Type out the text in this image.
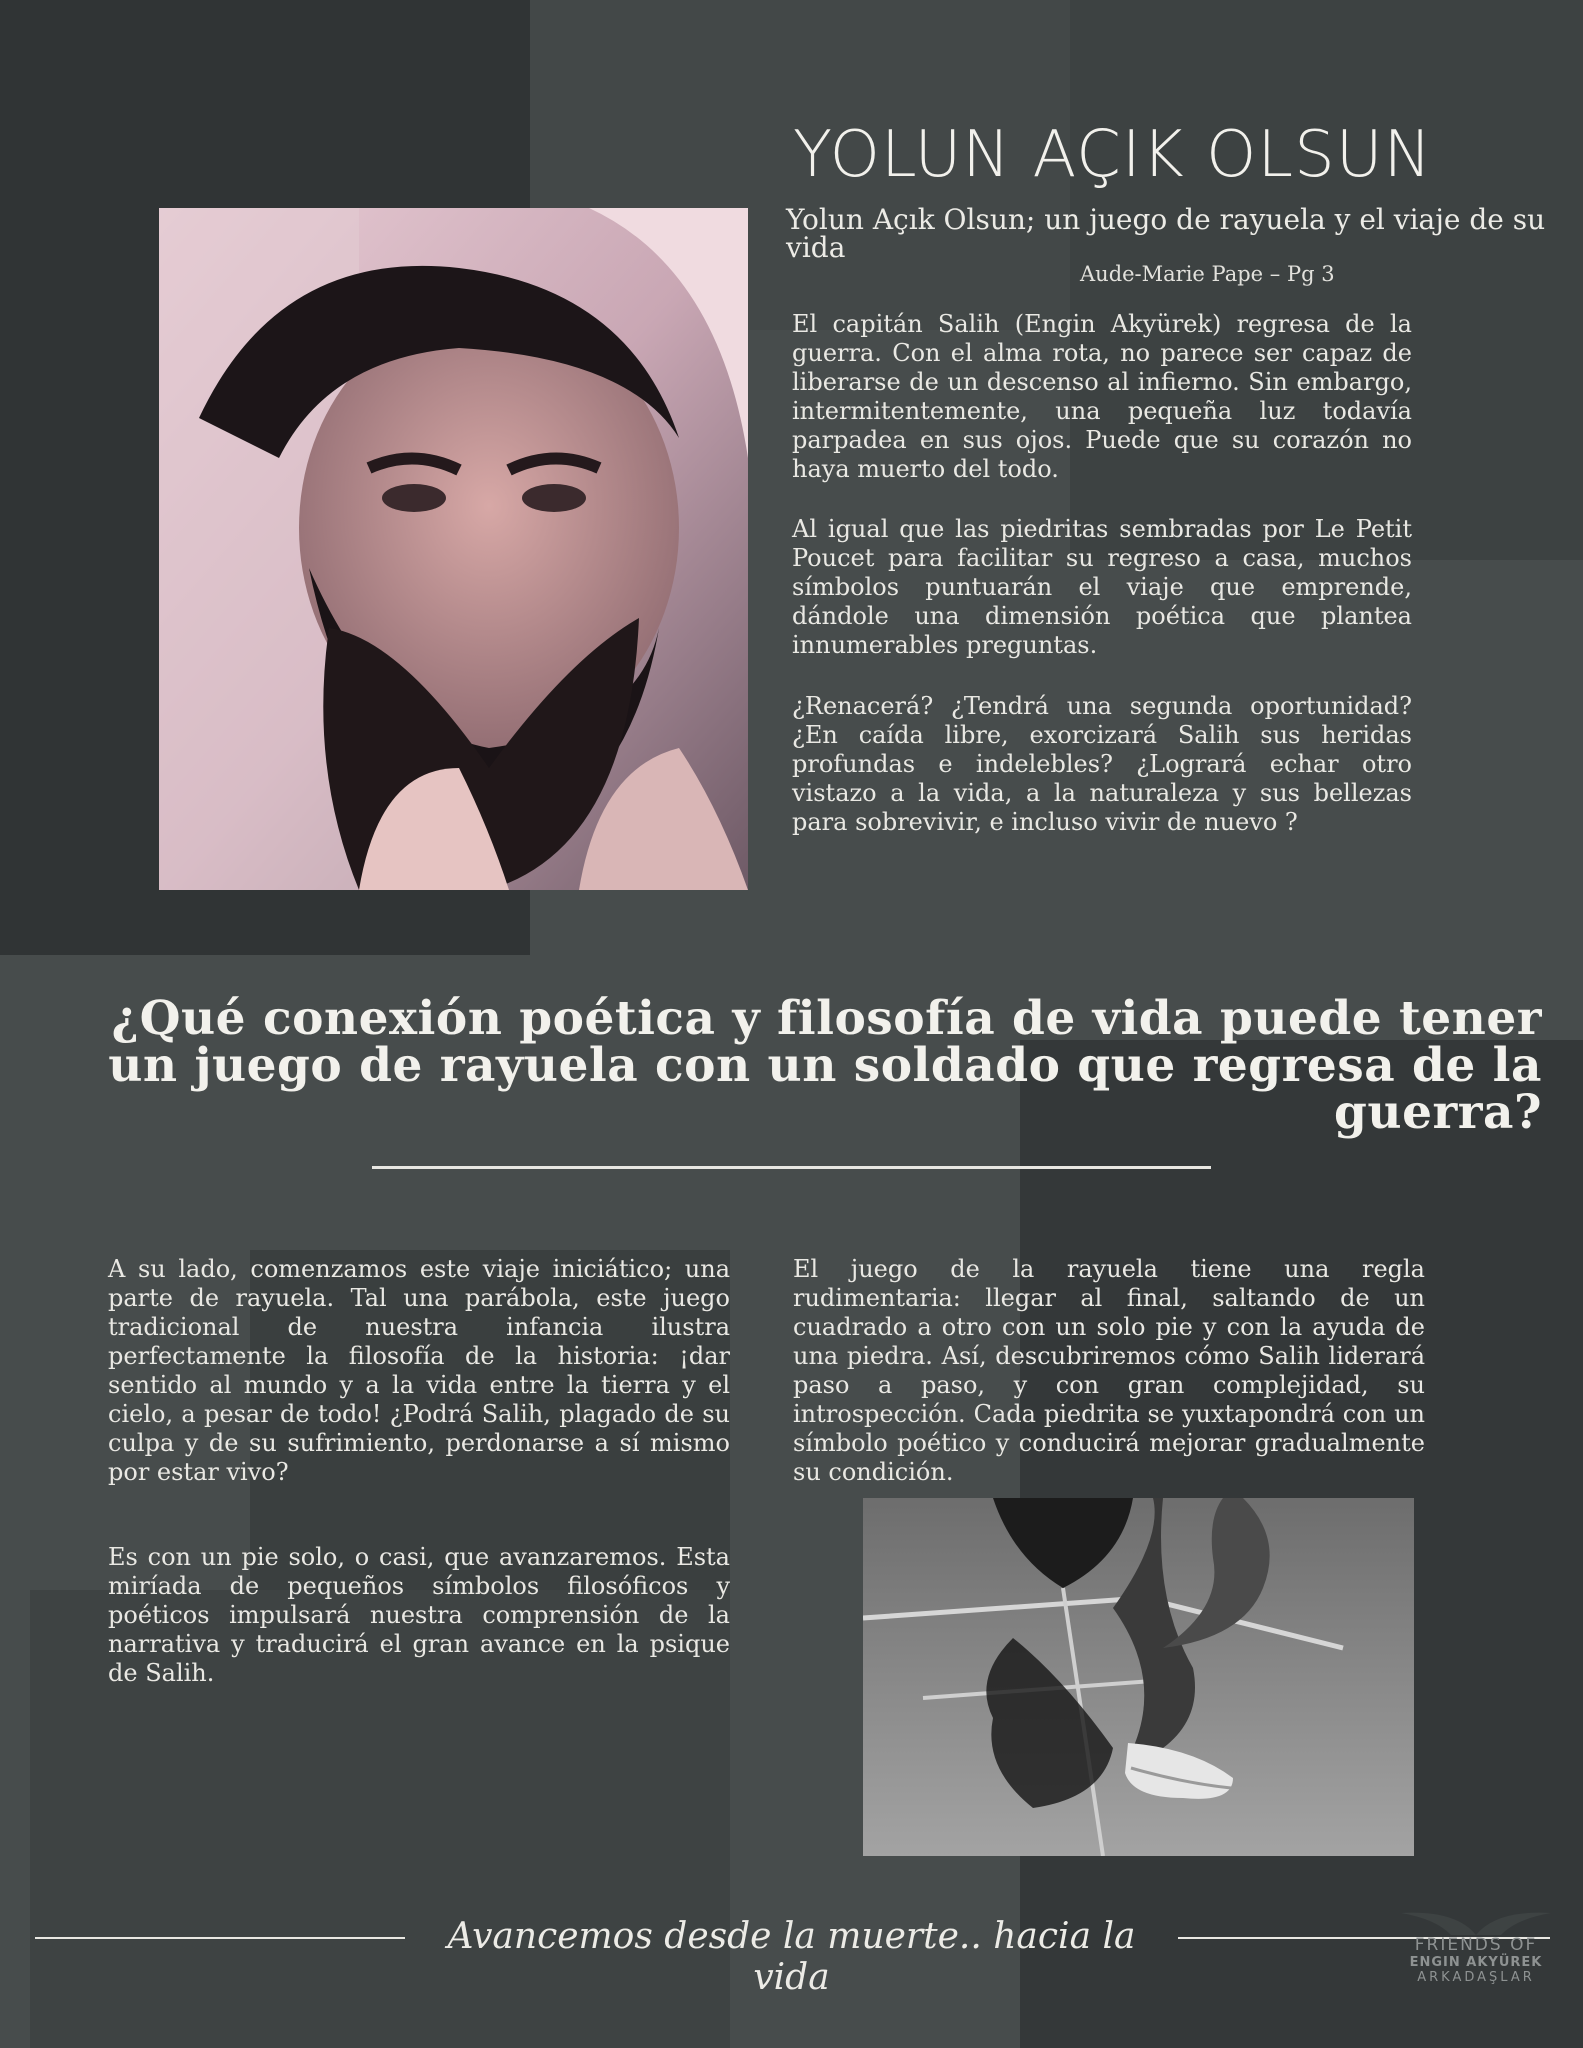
YOLUN AÇIK OLSUN

Yolun Açık Olsun; un juego de rayuela y el viaje de su vida

Aude-Marie Pape – Pg 3

El capitán Salih (Engin Akyürek) regresa de la guerra. Con el alma rota, no parece ser capaz de liberarse de un descenso al infierno. Sin embargo, intermitentemente, una pequeña luz todavía parpadea en sus ojos. Puede que su corazón no haya muerto del todo.

Al igual que las piedritas sembradas por Le Petit Poucet para facilitar su regreso a casa, muchos símbolos puntuarán el viaje que emprende, dándole una dimensión poética que plantea innumerables preguntas.

¿Renacerá? ¿Tendrá una segunda oportunidad? ¿En caída libre, exorcizará Salih sus heridas profundas e indelebles? ¿Logrará echar otro vistazo a la vida, a la naturaleza y sus bellezas para sobrevivir, e incluso vivir de nuevo ?

¿Qué conexión poética y filosofía de vida puede tener un juego de rayuela con un soldado que regresa de la guerra?

A su lado, comenzamos este viaje iniciático; una parte de rayuela. Tal una parábola, este juego tradicional de nuestra infancia ilustra perfectamente la filosofía de la historia: ¡dar sentido al mundo y a la vida entre la tierra y el cielo, a pesar de todo! ¿Podrá Salih, plagado de su culpa y de su sufrimiento, perdonarse a sí mismo por estar vivo?

Es con un pie solo, o casi, que avanzaremos. Esta miríada de pequeños símbolos filosóficos y poéticos impulsará nuestra comprensión de la narrativa y traducirá el gran avance en la psique de Salih.

El juego de la rayuela tiene una regla rudimentaria: llegar al final, saltando de un cuadrado a otro con un solo pie y con la ayuda de una piedra. Así, descubriremos cómo Salih liderará paso a paso, y con gran complejidad, su introspección. Cada piedrita se yuxtapondrá con un símbolo poético y conducirá mejorar gradualmente su condición.

Avancemos desde la muerte.. hacia la vida

FRIENDS OF

ENGIN AKYÜREK

ARKADAŞLAR
